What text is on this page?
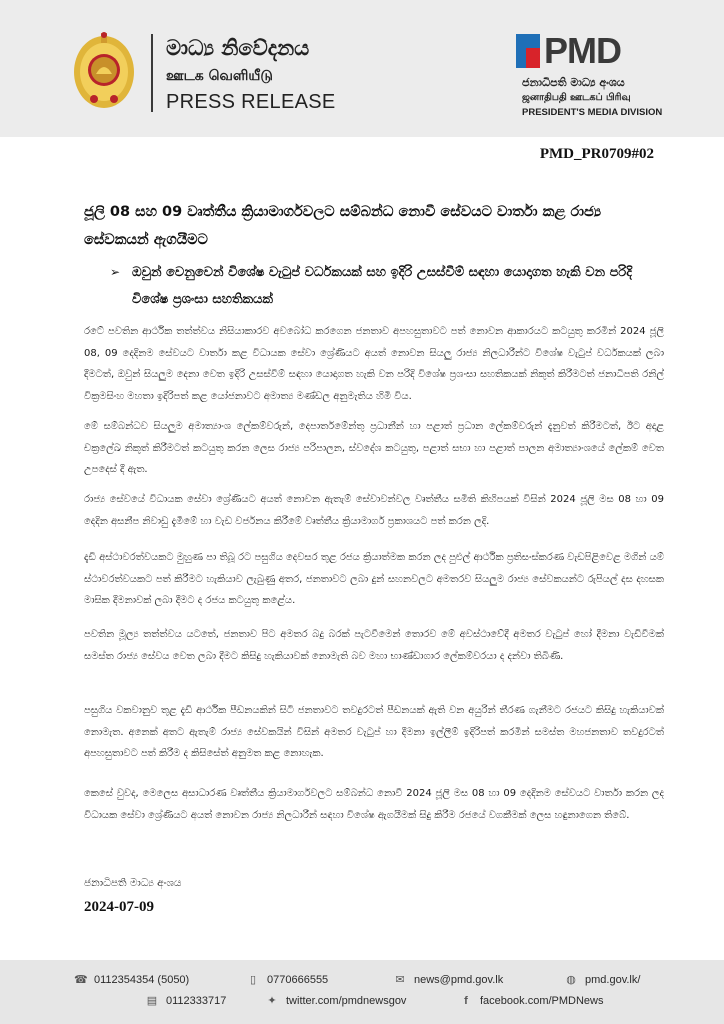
මාධ්‍ය නිවේදනය
ஊடக வெளியீடு
PRESS RELEASE
PMD
ජනාධිපති මාධ්‍ය අංශය
ஜனாதிபதி ஊடகப் பிரிவு
PRESIDENT'S MEDIA DIVISION
PMD_PR0709#02
ජූලි 08 සහ 09 වෘත්තීය ක්‍රියාමාර්ගවලට සම්බන්ධ නොවී සේවයට වාර්තා කළ රාජ්‍ය සේවකයන් ඇගයීමට
➢ ඔවුන් වෙනුවෙන් විශේෂ වැටුප් වර්ධකයක් සහ ඉදිරි උසස්වීම් සඳහා යොදාගත හැකි වන පරිදි විශේෂ ප්‍රශංසා සහතිකයක්

රටේ පවතින ආර්ථික තත්ත්වය නිසියාකාරව අවබෝධ කරගෙන ජනතාව අපහසුතාවට පත් නොවන ආකාරයට කටයුතු කරමින් 2024 ජූලි 08, 09 දෙදිනම සේවයට වාර්තා කළ විධායක සේවා ශ්‍රේණියට අයත් නොවන සියලු රාජ්‍ය නිලධාරීන්ට විශේෂ වැටුප් වර්ධකයක් ලබා දීමටත්, ඔවුන් සියලුම දෙනා වෙත ඉදිරි උසස්වීම් සඳහා යොදාගත හැකි වන පරිදි විශේෂ ප්‍රශංසා සහතිකයක් නිකුත් කිරීමටත් ජනාධිපති රනිල් වික්‍රමසිංහ මහතා ඉදිරිපත් කළ යෝජනාවට අමාත්‍ය මණ්ඩල අනුමැතිය හිමි විය.

මේ සම්බන්ධව සියලුම අමාත්‍යාංශ ලේකම්වරුන්, දෙපාර්තමේන්තු ප්‍රධානීන් හා පළාත් ප්‍රධාන ලේකම්වරුන් දැනුවත් කිරීමටත්, ඊට අදාළ චක්‍රලේඛ නිකුත් කිරීමටත් කටයුතු කරන ලෙස රාජ්‍ය පරිපාලන, ස්වදේශ කටයුතු, පළාත් සභා හා පළාත් පාලන අමාත්‍යාංශයේ ලේකම් වෙත උපදෙස් දී ඇත.

රාජ්‍ය සේවයේ විධායක සේවා ශ්‍රේණියට අයත් නොවන ඇතැම් සේවාවන්වල වෘත්තීය සමිති කිහිපයක් විසින් 2024 ජූලි මස 08 හා 09 දෙදින අසනීප නිවාඩු දැමීමේ හා වැඩ වර්ජනය කිරීමේ වෘත්තීය ක්‍රියාමාර්ග ප්‍රකාශයට පත් කරන ලදි.

දැඩි අස්ථාවරත්වයකට මුහුණ පා තිබූ රට පසුගිය දෙවසර තුළ රජය ක්‍රියාත්මක කරන ලද පුළුල් ආර්ථික ප්‍රතිසංස්කරණ වැඩපිළිවෙළ මගින් යම් ස්ථාවරත්වයකට පත් කිරීමට හැකියාව ලැබුණු අතර, ජනතාවට ලබා දුන් සහනවලට අමතරව සියලුම රාජ්‍ය සේවකයන්ට රුපියල් දස දහසක මාසික දීමනාවක් ලබා දීමට ද රජය කටයුතු කළේය.

පවතින මූල්‍ය තත්ත්වය යටතේ, ජනතාව පිට අමතර බදු බරක් පැටවීමෙන් තොරව මේ අවස්ථාවේදී අමතර වැටුප් හෝ දීමනා වැඩිවීමක් සමස්ත රාජ්‍ය සේවය වෙත ලබා දීමට කිසිදු හැකියාවක් නොමැති බව මහා භාණ්ඩාගාර ලේකම්වරයා ද දන්වා තිබිණි.

පසුගිය වකවානුව තුළ දැඩි ආර්ථික පීඩනයකින් සිටි ජනතාවට තවදුරටත් පීඩනයක් ඇති වන අයුරින් තීරණ ගැනීමට රජයට කිසිදු හැකියාවක් නොමැත. අනෙක් අතට ඇතැම් රාජ්‍ය සේවකයින් විසින් අමතර වැටුප් හා දීමනා ඉල්ලීම් ඉදිරිපත් කරමින් සමස්ත මහජනතාව තවදුරටත් අපහසුතාවට පත් කිරීම ද කිසිසේත් අනුමත කළ නොහැක.

කෙසේ වුවද, මෙලෙස අසාධාරණ වෘත්තීය ක්‍රියාමාර්ගවලට සම්බන්ධ නොවී 2024 ජූලි මස 08 හා 09 දෙදිනම සේවයට වාර්තා කරන ලද විධායක සේවා ශ්‍රේණියට අයත් නොවන රාජ්‍ය නිලධාරීන් සඳහා විශේෂ ඇගයීමක් සිදු කිරීම රජයේ වගකීමක් ලෙස හඳුනාගෙන තිබේ.

ජනාධිපති මාධ්‍ය අංශය
2024-07-09
☎ 0112354354 (5050)	▯ 0770666555	✉ news@pmd.gov.lk	◍ pmd.gov.lk/
▤ 0112333717	✦ twitter.com/pmdnewsgov	f	facebook.com/PMDNews
